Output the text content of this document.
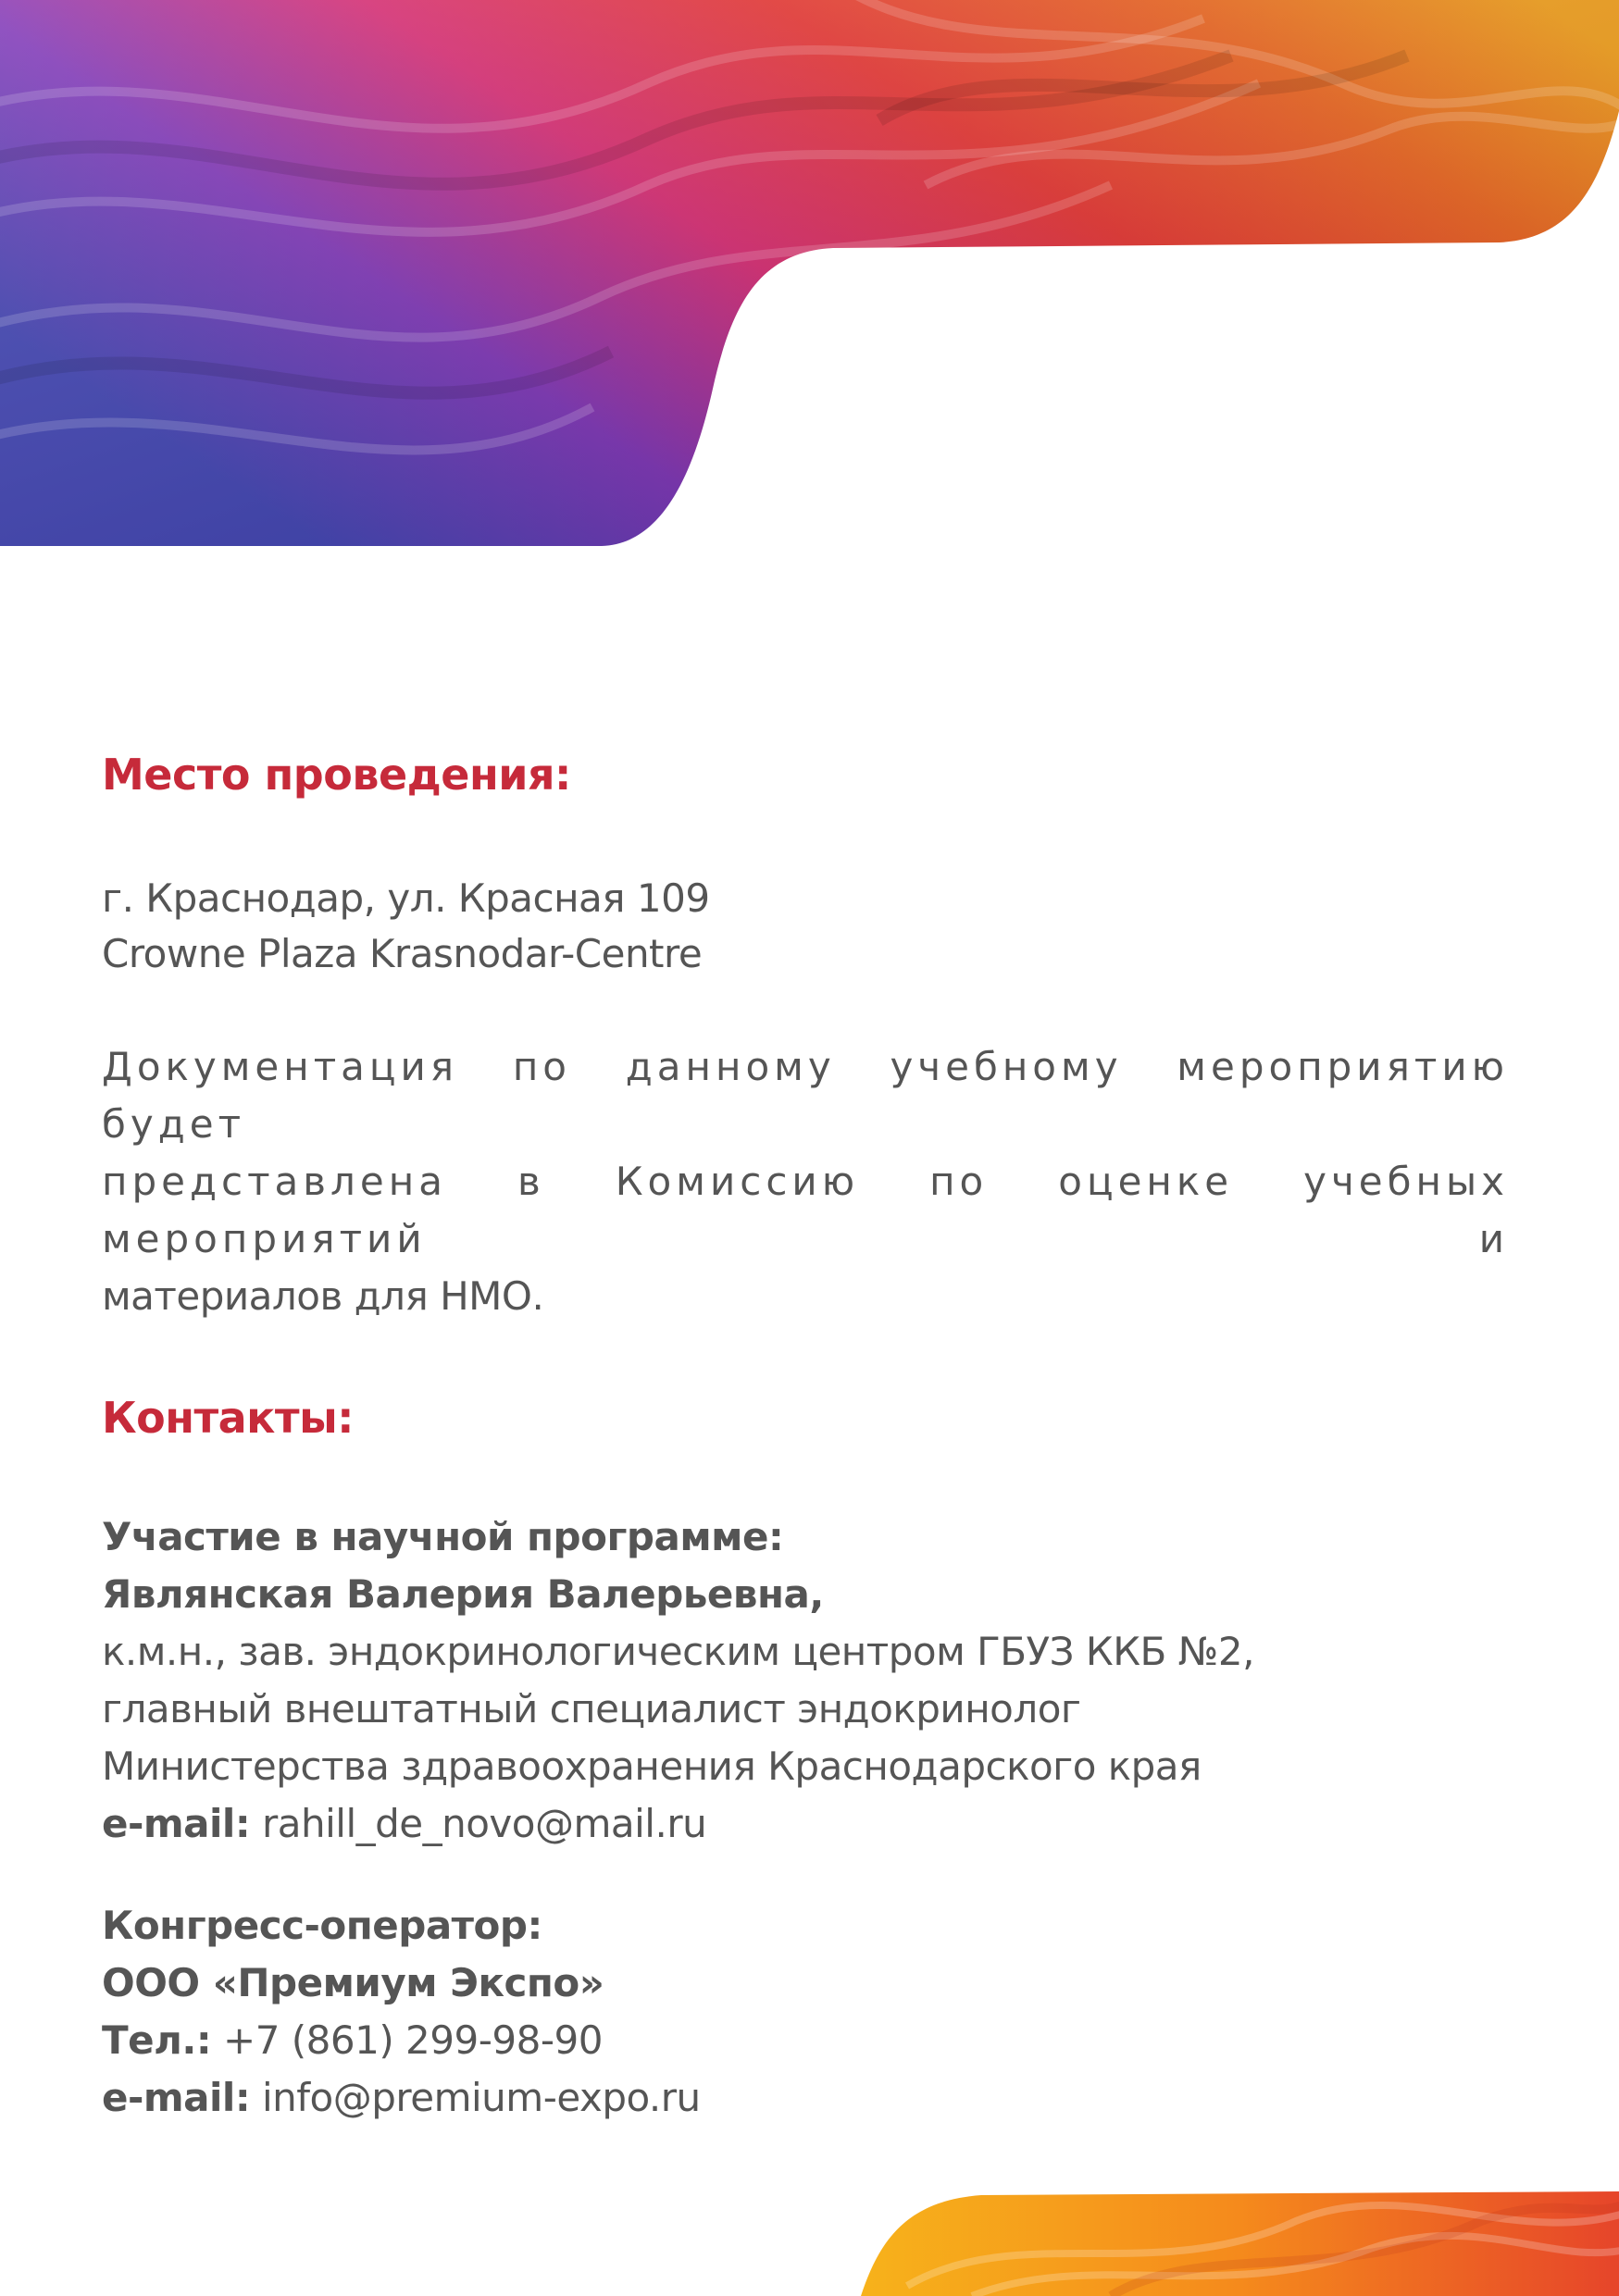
Место проведения:
г. Краснодар, ул. Красная 109
Crowne Plaza Krasnodar-Centre
Документация по данному учебному мероприятию будет
представлена в Комиссию по оценке учебных мероприятий и
материалов для НМО.
Контакты:
Участие в научной программе:
Являнская Валерия Валерьевна,
к.м.н., зав. эндокринологическим центром ГБУЗ ККБ №2,
главный внештатный специалист эндокринолог
Министерства здравоохранения Краснодарского края
e-mail: rahill_de_novo@mail.ru
Конгресс-оператор:
ООО «Премиум Экспо»
Тел.: +7 (861) 299-98-90
e-mail: info@premium-expo.ru
